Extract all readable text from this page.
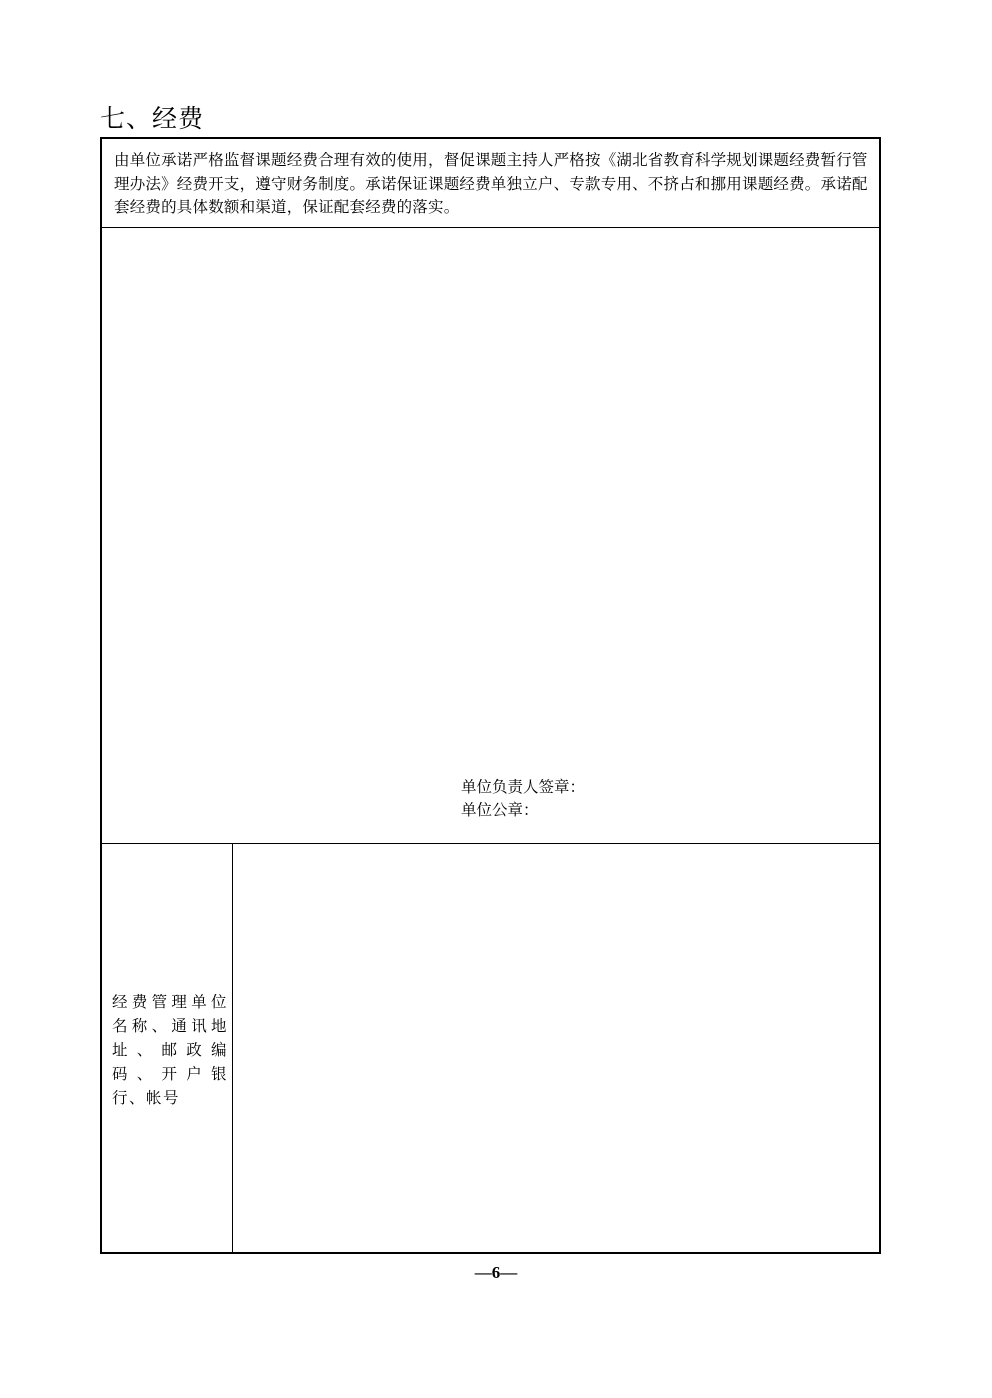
七、经费
由单位承诺严格监督课题经费合理有效的使用，督促课题主持人严格按《湖北省教育科学规划课题经费暂行管理办法》经费开支，遵守财务制度。承诺保证课题经费单独立户、专款专用、不挤占和挪用课题经费。承诺配套经费的具体数额和渠道，保证配套经费的落实。
单位负责人签章：
单位公章：
经费管理单位名称、通讯地址、邮政编码、开户银行、帐号
—6—
